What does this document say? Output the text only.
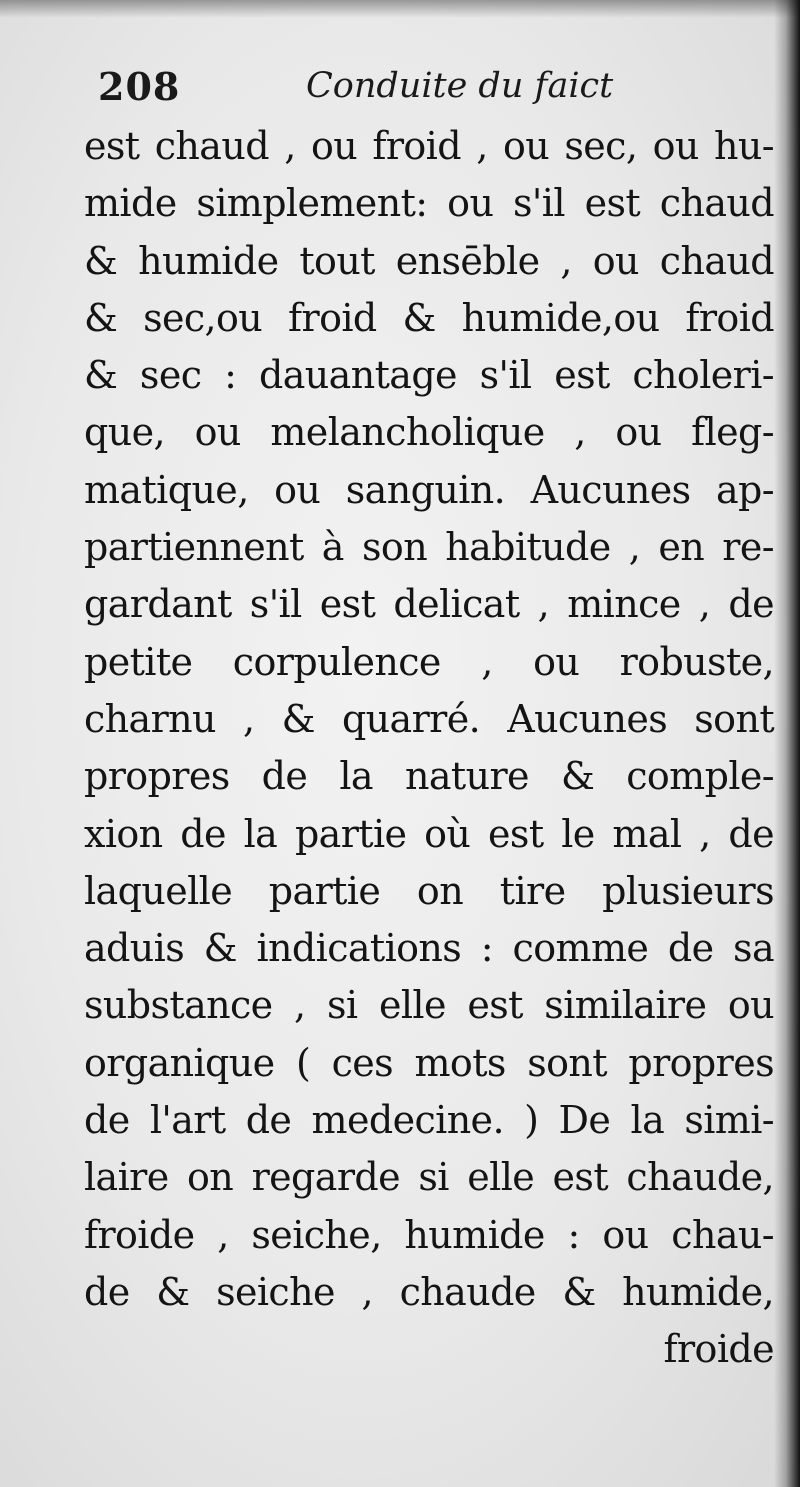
208	Conduite du faict
est chaud , ou froid , ou sec, ou hu-
mide simplement: ou s'il est chaud
& humide tout ensēble , ou chaud
& sec,ou froid & humide,ou froid
& sec : dauantage s'il est choleri-
que, ou melancholique , ou fleg-
matique, ou sanguin. Aucunes ap-
partiennent à son habitude , en re-
gardant s'il est delicat , mince , de
petite corpulence , ou robuste,
charnu , & quarré. Aucunes sont
propres de la nature & comple-
xion de la partie où est le mal , de
laquelle partie on tire plusieurs
aduis & indications : comme de sa
substance , si elle est similaire ou
organique ( ces mots sont propres
de l'art de medecine. ) De la simi-
laire on regarde si elle est chaude,
froide , seiche, humide : ou chau-
de & seiche , chaude & humide,
froide
